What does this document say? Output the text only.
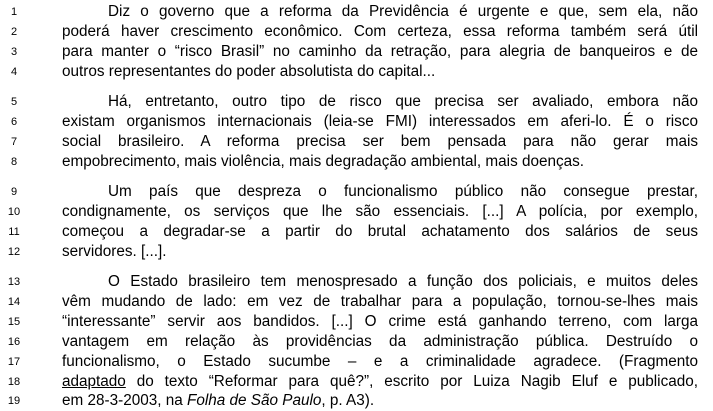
1	Diz o governo que a reforma da Previdência é urgente e que, sem ela, não
2	poderá haver crescimento econômico. Com certeza, essa reforma também será útil
3	para manter o “risco Brasil” no caminho da retração, para alegria de banqueiros e de
4	outros representantes do poder absolutista do capital...
5	Há, entretanto, outro tipo de risco que precisa ser avaliado, embora não
6	existam organismos internacionais (leia-se FMI) interessados em aferi-lo. É o risco
7	social brasileiro. A reforma precisa ser bem pensada para não gerar mais
8	empobrecimento, mais violência, mais degradação ambiental, mais doenças.
9	Um país que despreza o funcionalismo público não consegue prestar,
10	condignamente, os serviços que lhe são essenciais. [...] A polícia, por exemplo,
11	começou a degradar-se a partir do brutal achatamento dos salários de seus
12	servidores. [...].
13	O Estado brasileiro tem menospresado a função dos policiais, e muitos deles
14	vêm mudando de lado: em vez de trabalhar para a população, tornou-se-lhes mais
15	“interessante” servir aos bandidos. [...] O crime está ganhando terreno, com larga
16	vantagem em relação às providências da administração pública. Destruído o
17	funcionalismo, o Estado sucumbe – e a criminalidade agradece. (Fragmento
18	adaptado do texto “Reformar para quê?”, escrito por Luiza Nagib Eluf e publicado,
19	em 28-3-2003, na Folha de São Paulo, p. A3).
